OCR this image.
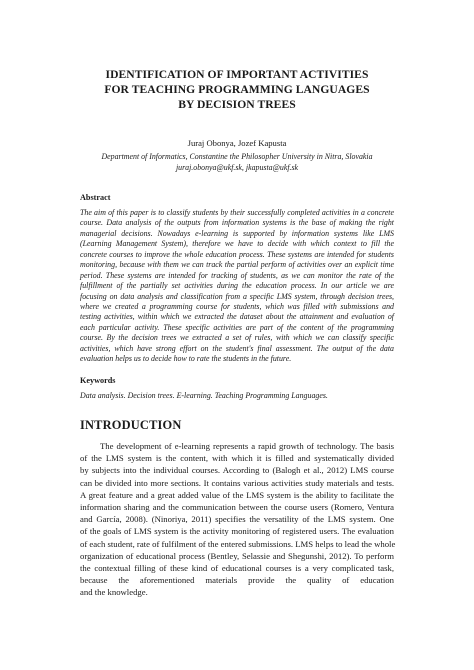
IDENTIFICATION OF IMPORTANT ACTIVITIES
FOR TEACHING PROGRAMMING LANGUAGES
BY DECISION TREES
Juraj Obonya, Jozef Kapusta
Department of Informatics, Constantine the Philosopher University in Nitra, Slovakia
juraj.obonya@ukf.sk, jkapusta@ukf.sk
Abstract
The aim of this paper is to classify students by their successfully completed activities in a concrete
course. Data analysis of the outputs from information systems is the base of making the right
managerial decisions. Nowadays e-learning is supported by information systems like LMS
(Learning Management System), therefore we have to decide with which context to fill the
concrete courses to improve the whole education process. These systems are intended for students
monitoring, because with them we can track the partial perform of activities over an explicit time
period. These systems are intended for tracking of students, as we can monitor the rate of the
fulfillment of the partially set activities during the education process. In our article we are
focusing on data analysis and classification from a specific LMS system, through decision trees,
where we created a programming course for students, which was filled with submissions and
testing activities, within which we extracted the dataset about the attainment and evaluation of
each particular activity. These specific activities are part of the content of the programming
course. By the decision trees we extracted a set of rules, with which we can classify specific
activities, which have strong effort on the student's final assessment. The output of the data
evaluation helps us to decide how to rate the students in the future.
Keywords
Data analysis. Decision trees. E-learning. Teaching Programming Languages.
INTRODUCTION
The development of e-learning represents a rapid growth of technology. The basis
of the LMS system is the content, with which it is filled and systematically divided
by subjects into the individual courses. According to (Balogh et al., 2012) LMS course
can be divided into more sections. It contains various activities study materials and tests.
A great feature and a great added value of the LMS system is the ability to facilitate the
information sharing and the communication between the course users (Romero, Ventura
and García, 2008). (Ninoriya, 2011) specifies the versatility of the LMS system. One
of the goals of LMS system is the activity monitoring of registered users. The evaluation
of each student, rate of fulfilment of the entered submissions. LMS helps to lead the whole
organization of educational process (Bentley, Selassie and Shegunshi, 2012). To perform
the contextual filling of these kind of educational courses is a very complicated task,
because the aforementioned materials provide the quality of education
and the knowledge.
